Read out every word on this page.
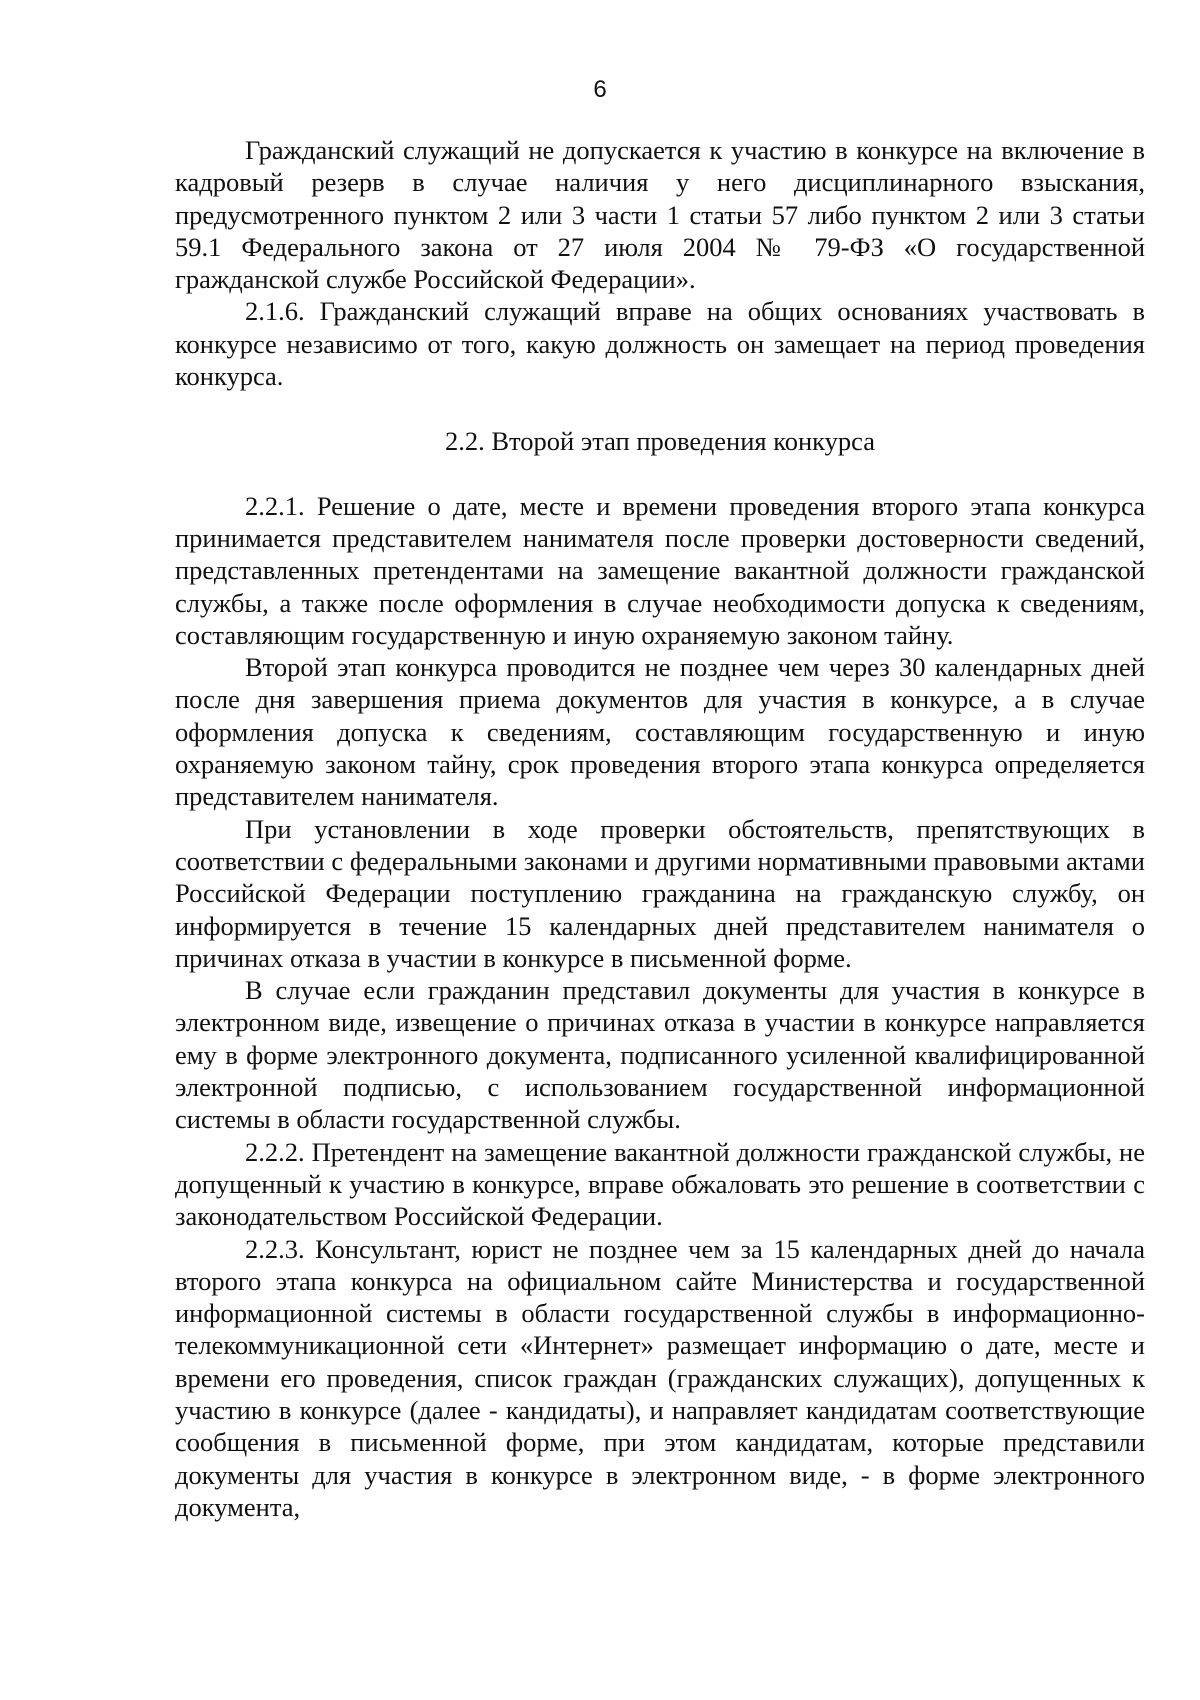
6

Гражданский служащий не допускается к участию в конкурсе на включение в кадровый резерв в случае наличия у него дисциплинарного взыскания, предусмотренного пунктом 2 или 3 части 1 статьи 57 либо пунктом 2 или 3 статьи 59.1 Федерального закона от 27 июля 2004 № 79-ФЗ «О государственной гражданской службе Российской Федерации».

2.1.6. Гражданский служащий вправе на общих основаниях участвовать в конкурсе независимо от того, какую должность он замещает на период проведения конкурса.

2.2. Второй этап проведения конкурса

2.2.1. Решение о дате, месте и времени проведения второго этапа конкурса принимается представителем нанимателя после проверки достоверности сведений, представленных претендентами на замещение вакантной должности гражданской службы, а также после оформления в случае необходимости допуска к сведениям, составляющим государственную и иную охраняемую законом тайну.

Второй этап конкурса проводится не позднее чем через 30 календарных дней после дня завершения приема документов для участия в конкурсе, а в случае оформления допуска к сведениям, составляющим государственную и иную охраняемую законом тайну, срок проведения второго этапа конкурса определяется представителем нанимателя.

При установлении в ходе проверки обстоятельств, препятствующих в соответствии с федеральными законами и другими нормативными правовыми актами Российской Федерации поступлению гражданина на гражданскую службу, он информируется в течение 15 календарных дней представителем нанимателя о причинах отказа в участии в конкурсе в письменной форме.

В случае если гражданин представил документы для участия в конкурсе в электронном виде, извещение о причинах отказа в участии в конкурсе направляется ему в форме электронного документа, подписанного усиленной квалифицированной электронной подписью, с использованием государственной информационной системы в области государственной службы.

2.2.2. Претендент на замещение вакантной должности гражданской службы, не допущенный к участию в конкурсе, вправе обжаловать это решение в соответствии с законодательством Российской Федерации.

2.2.3. Консультант, юрист не позднее чем за 15 календарных дней до начала второго этапа конкурса на официальном сайте Министерства и государственной информационной системы в области государственной службы в информационно-телекоммуникационной сети «Интернет» размещает информацию о дате, месте и времени его проведения, список граждан (гражданских служащих), допущенных к участию в конкурсе (далее - кандидаты), и направляет кандидатам соответствующие сообщения в письменной форме, при этом кандидатам, которые представили документы для участия в конкурсе в электронном виде, - в форме электронного документа,
